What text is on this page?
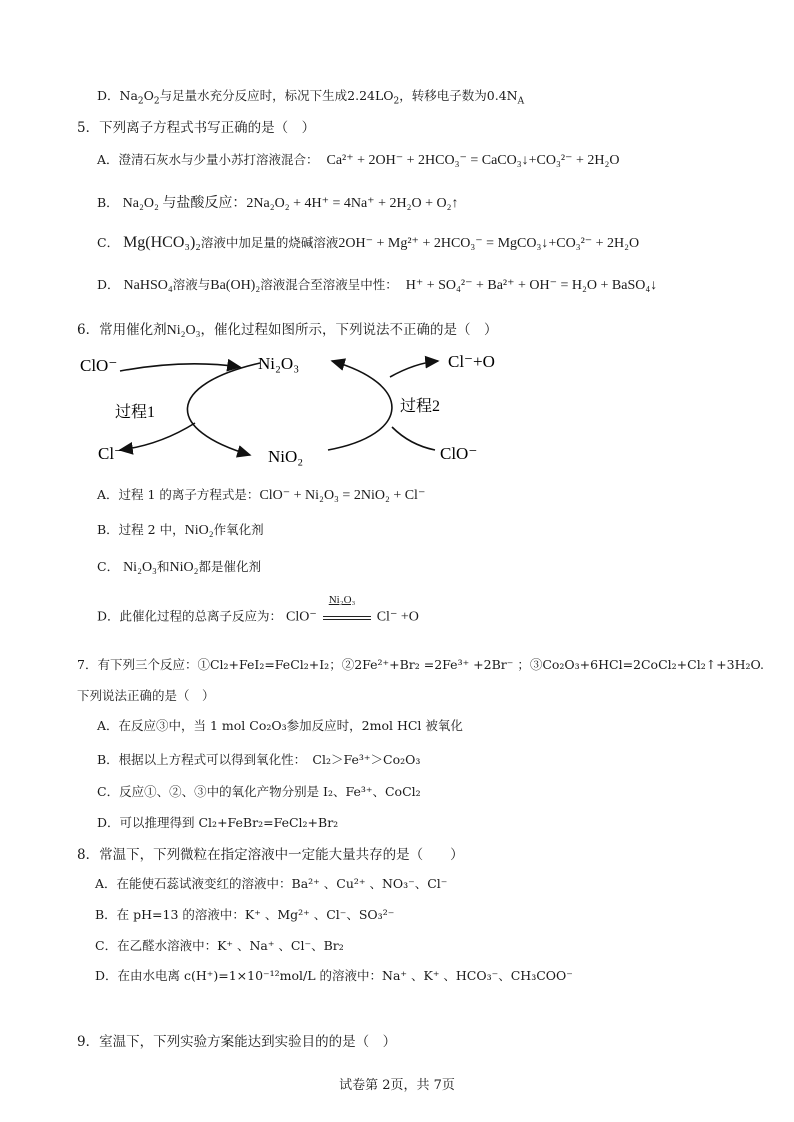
D．$Na_2O_2$与足量水充分反应时，标况下生成$2.24LO_2$，转移电子数为$0.4N_A$
5．下列离子方程式书写正确的是（　）
A．澄清石灰水与少量小苏打溶液混合： Ca²⁺ + 2OH⁻ + 2HCO₃⁻ = CaCO₃↓+CO₃²⁻ + 2H₂O
B． Na₂O₂ 与盐酸反应：2Na₂O₂ + 4H⁺ = 4Na⁺ + 2H₂O + O₂↑
C． Mg(HCO₃)₂溶液中加足量的烧碱溶液2OH⁻ + Mg²⁺ + 2HCO₃⁻ = MgCO₃↓+CO₃²⁻ + 2H₂O
D． NaHSO₄溶液与Ba(OH)₂溶液混合至溶液呈中性： H⁺ + SO₄²⁻ + Ba²⁺ + OH⁻ = H₂O + BaSO₄↓
6．常用催化剂Ni₂O₃，催化过程如图所示，下列说法不正确的是（　）
ClO⁻	Ni₂O₃	Cl⁻+O
过程1	过程2
Cl⁻	NiO₂	ClO⁻
A．过程 1 的离子方程式是：ClO⁻ + Ni₂O₃ = 2NiO₂ + Cl⁻
B．过程 2 中，NiO₂作氧化剂
C． Ni₂O₃和NiO₂都是催化剂
D．此催化过程的总离子反应为： ClO⁻
Ni₂O₃
Cl⁻ +O
7．有下列三个反应：①Cl₂+FeI₂=FeCl₂+I₂；②2Fe²⁺+Br₂ =2Fe³⁺ +2Br⁻ ；③Co₂O₃+6HCl=2CoCl₂+Cl₂↑+3H₂O.
下列说法正确的是（　）
A．在反应③中，当 1 mol Co₂O₃参加反应时，2mol HCl 被氧化
B．根据以上方程式可以得到氧化性：　Cl₂＞Fe³⁺＞Co₂O₃
C．反应①、②、③中的氧化产物分别是 I₂、Fe³⁺、CoCl₂
D．可以推理得到 Cl₂+FeBr₂=FeCl₂+Br₂
8．常温下，下列微粒在指定溶液中一定能大量共存的是（　　）
A．在能使石蕊试液变红的溶液中：Ba²⁺ 、Cu²⁺ 、NO₃⁻、Cl⁻
B．在 pH=13 的溶液中：K⁺ 、Mg²⁺ 、Cl⁻、SO₃²⁻
C．在乙醛水溶液中：K⁺ 、Na⁺ 、Cl⁻、Br₂
D．在由水电离 c(H⁺)=1×10⁻¹²mol/L 的溶液中：Na⁺ 、K⁺ 、HCO₃⁻、CH₃COO⁻
9．室温下，下列实验方案能达到实验目的的是（　）
试卷第 2页，共 7页
